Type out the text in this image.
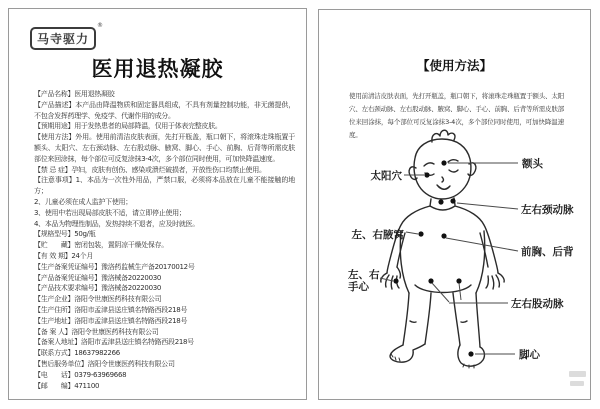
马寺驱力
®
医用退热凝胶

【产品名称】医用退热凝胶

【产品描述】本产品由降温物质和固定器具组成，不具有剂量控制功能，非无菌提供，不包含发挥药理学、免疫学、代谢作用的成分。

【预期用途】用于发热患者的局部降温，仅用于体表完整皮肤。

【使用方法】外用。使用前清洁皮肤表面，先打开瓶盖，瓶口朝下，将滚珠走珠瓶置于额头、太阳穴、左右颈动脉、左右股动脉、腋窝、脚心、手心、前胸、后背等所需皮肤部位来回涂抹，每个部位可反复涂抹3-4次，多个部位同时使用，可加快降温速度。

【禁 忌 症】孕妇，皮肤有创伤、感染或溃烂破损者，开放性伤口均禁止使用。

【注意事项】1、本品为一次性外用品，严禁口服，必须将本品放在儿童不能接触的地方；

2、儿童必须在成人监护下使用；

3、使用中若出现局部皮肤不适，请立即停止使用；

4、本品为物理性制品，发热持续不退者，应及时就医。

【规格型号】50g/瓶

【贮　　藏】密闭包装，置阴凉干燥处保存。

【有 效 期】24个月

【生产备案凭证编号】豫洛药监械生产备20170012号

【产品备案凭证编号】豫洛械备20220030

【产品技术要求编号】豫洛械备20220030

【生产企业】洛阳令世康医药科技有限公司

【生产住所】洛阳市孟津县送庄镇名特路西段218号

【生产地址】洛阳市孟津县送庄镇名特路西段218号

【备 案 人】洛阳令世康医药科技有限公司

【备案人地址】洛阳市孟津县送庄镇名特路西段218号

【联系方式】18637982266

【售后服务单位】洛阳令世康医药科技有限公司

【电　　话】0379-63969668

【邮　　编】471100

【使用方法】
使用前清洁皮肤表面，先打开瓶盖，瓶口朝下，将滚珠走珠瓶置于额头、太阳穴、左右颈动脉、左右股动脉、腋窝、脚心、手心、前胸、后背等所需皮肤部位来回涂抹，每个部位可反复涂抹3-4次，多个部位同时使用，可加快降温速度。
额头
太阳穴
左右颈动脉
左、右腋窝
前胸、后背
左、右
手心
左右股动脉
脚心
